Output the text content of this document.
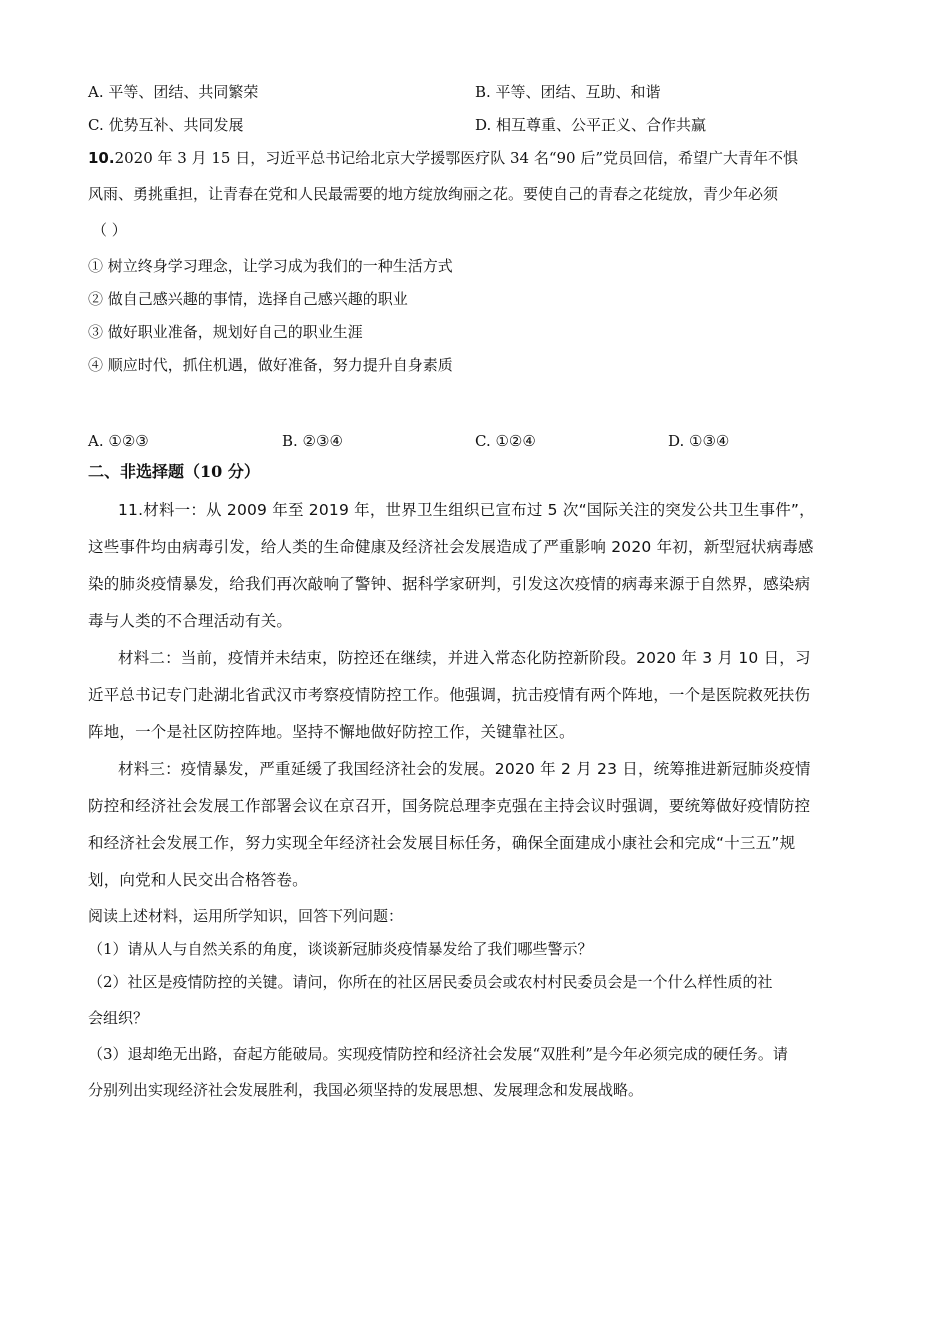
A. 平等、团结、共同繁荣	B. 平等、团结、互助、和谐
C. 优势互补、共同发展	D. 相互尊重、公平正义、合作共赢
10.2020 年 3 月 15 日，习近平总书记给北京大学援鄂医疗队 34 名“90 后”党员回信，希望广大青年不惧
风雨、勇挑重担，让青春在党和人民最需要的地方绽放绚丽之花。要使自己的青春之花绽放，青少年必须
（ ）
① 树立终身学习理念，让学习成为我们的一种生活方式
② 做自己感兴趣的事情，选择自己感兴趣的职业
③ 做好职业准备，规划好自己的职业生涯
④ 顺应时代，抓住机遇，做好准备，努力提升自身素质
A. ①②③	B. ②③④	C. ①②④	D. ①③④
二、非选择题（10 分）
11.材料一：从 2009 年至 2019 年，世界卫生组织已宣布过 5 次“国际关注的突发公共卫生事件”，
这些事件均由病毒引发，给人类的生命健康及经济社会发展造成了严重影响 2020 年初，新型冠状病毒感
染的肺炎疫情暴发，给我们再次敲响了警钟、据科学家研判，引发这次疫情的病毒来源于自然界，感染病
毒与人类的不合理活动有关。
材料二：当前，疫情并未结束，防控还在继续，并进入常态化防控新阶段。2020 年 3 月 10 日，习
近平总书记专门赴湖北省武汉市考察疫情防控工作。他强调，抗击疫情有两个阵地，一个是医院救死扶伤
阵地，一个是社区防控阵地。坚持不懈地做好防控工作，关键靠社区。
材料三：疫情暴发，严重延缓了我国经济社会的发展。2020 年 2 月 23 日，统筹推进新冠肺炎疫情
防控和经济社会发展工作部署会议在京召开，国务院总理李克强在主持会议时强调，要统筹做好疫情防控
和经济社会发展工作，努力实现全年经济社会发展目标任务，确保全面建成小康社会和完成“十三五”规
划，向党和人民交出合格答卷。
阅读上述材料，运用所学知识，回答下列问题：
（1）请从人与自然关系的角度，谈谈新冠肺炎疫情暴发给了我们哪些警示？
（2）社区是疫情防控的关键。请问，你所在的社区居民委员会或农村村民委员会是一个什么样性质的社
会组织？
（3）退却绝无出路，奋起方能破局。实现疫情防控和经济社会发展“双胜利”是今年必须完成的硬任务。请
分别列出实现经济社会发展胜利，我国必须坚持的发展思想、发展理念和发展战略。
